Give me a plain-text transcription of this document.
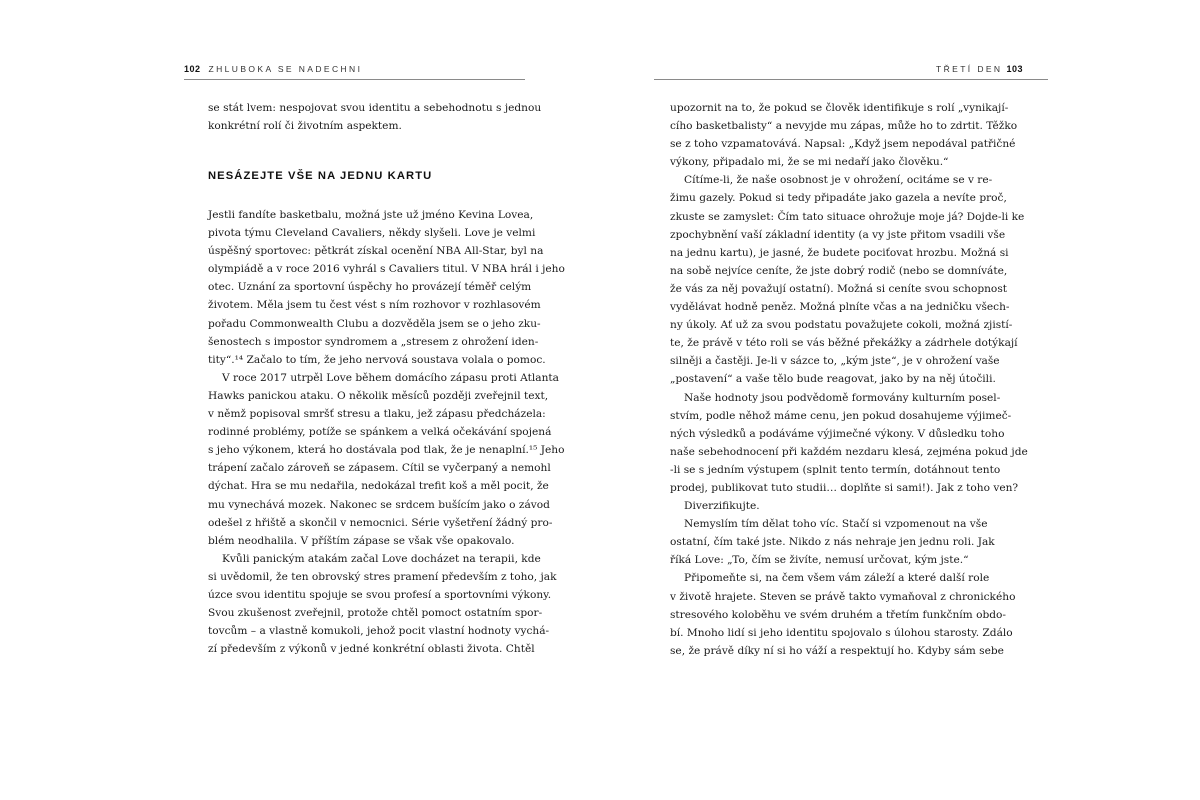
102 ZHLUBOKA SE NADECHNI
se stát lvem: nespojovat svou identitu a sebehodnotu s jednou
konkrétní rolí či životním aspektem.
NESÁZEJTE VŠE NA JEDNU KARTU
Jestli fandíte basketbalu, možná jste už jméno Kevina Lovea,
pivota týmu Cleveland Cavaliers, někdy slyšeli. Love je velmi
úspěšný sportovec: pětkrát získal ocenění NBA All-Star, byl na
olympiádě a v roce 2016 vyhrál s Cavaliers titul. V NBA hrál i jeho
otec. Uznání za sportovní úspěchy ho provázejí téměř celým
životem. Měla jsem tu čest vést s ním rozhovor v rozhlasovém
pořadu Commonwealth Clubu a dozvěděla jsem se o jeho zku-
šenostech s impostor syndromem a „stresem z ohrožení iden-
tity“.¹⁴ Začalo to tím, že jeho nervová soustava volala o pomoc.
V roce 2017 utrpěl Love během domácího zápasu proti Atlanta
Hawks panickou ataku. O několik měsíců později zveřejnil text,
v němž popisoval smršť stresu a tlaku, jež zápasu předcházela:
rodinné problémy, potíže se spánkem a velká očekávání spojená
s jeho výkonem, která ho dostávala pod tlak, že je nenaplní.¹⁵ Jeho
trápení začalo zároveň se zápasem. Cítil se vyčerpaný a nemohl
dýchat. Hra se mu nedařila, nedokázal trefit koš a měl pocit, že
mu vynechává mozek. Nakonec se srdcem bušícím jako o závod
odešel z hřiště a skončil v nemocnici. Série vyšetření žádný pro-
blém neodhalila. V příštím zápase se však vše opakovalo.
Kvůli panickým atakám začal Love docházet na terapii, kde
si uvědomil, že ten obrovský stres pramení především z toho, jak
úzce svou identitu spojuje se svou profesí a sportovními výkony.
Svou zkušenost zveřejnil, protože chtěl pomoct ostatním spor-
tovcům – a vlastně komukoli, jehož pocit vlastní hodnoty vychá-
zí především z výkonů v jedné konkrétní oblasti života. Chtěl
TŘETÍ DEN 103
upozornit na to, že pokud se člověk identifikuje s rolí „vynikají-
cího basketbalisty“ a nevyjde mu zápas, může ho to zdrtit. Těžko
se z toho vzpamatovává. Napsal: „Když jsem nepodával patřičné
výkony, připadalo mi, že se mi nedaří jako člověku.“
Cítíme-li, že naše osobnost je v ohrožení, ocitáme se v re-
žimu gazely. Pokud si tedy připadáte jako gazela a nevíte proč,
zkuste se zamyslet: Čím tato situace ohrožuje moje já? Dojde-li ke
zpochybnění vaší základní identity (a vy jste přitom vsadili vše
na jednu kartu), je jasné, že budete pociťovat hrozbu. Možná si
na sobě nejvíce ceníte, že jste dobrý rodič (nebo se domníváte,
že vás za něj považují ostatní). Možná si ceníte svou schopnost
vydělávat hodně peněz. Možná plníte včas a na jedničku všech-
ny úkoly. Ať už za svou podstatu považujete cokoli, možná zjistí-
te, že právě v této roli se vás běžné překážky a zádrhele dotýkají
silněji a častěji. Je-li v sázce to, „kým jste“, je v ohrožení vaše
„postavení“ a vaše tělo bude reagovat, jako by na něj útočili.
Naše hodnoty jsou podvědomě formovány kulturním posel-
stvím, podle něhož máme cenu, jen pokud dosahujeme výjimeč-
ných výsledků a podáváme výjimečné výkony. V důsledku toho
naše sebehodnocení při každém nezdaru klesá, zejména pokud jde
-li se s jedním výstupem (splnit tento termín, dotáhnout tento
prodej, publikovat tuto studii… doplňte si sami!). Jak z toho ven?
Diverzifikujte.
Nemyslím tím dělat toho víc. Stačí si vzpomenout na vše
ostatní, čím také jste. Nikdo z nás nehraje jen jednu roli. Jak
říká Love: „To, čím se živíte, nemusí určovat, kým jste.“
Připomeňte si, na čem všem vám záleží a které další role
v životě hrajete. Steven se právě takto vymaňoval z chronického
stresového koloběhu ve svém druhém a třetím funkčním obdo-
bí. Mnoho lidí si jeho identitu spojovalo s úlohou starosty. Zdálo
se, že právě díky ní si ho váží a respektují ho. Kdyby sám sebe
